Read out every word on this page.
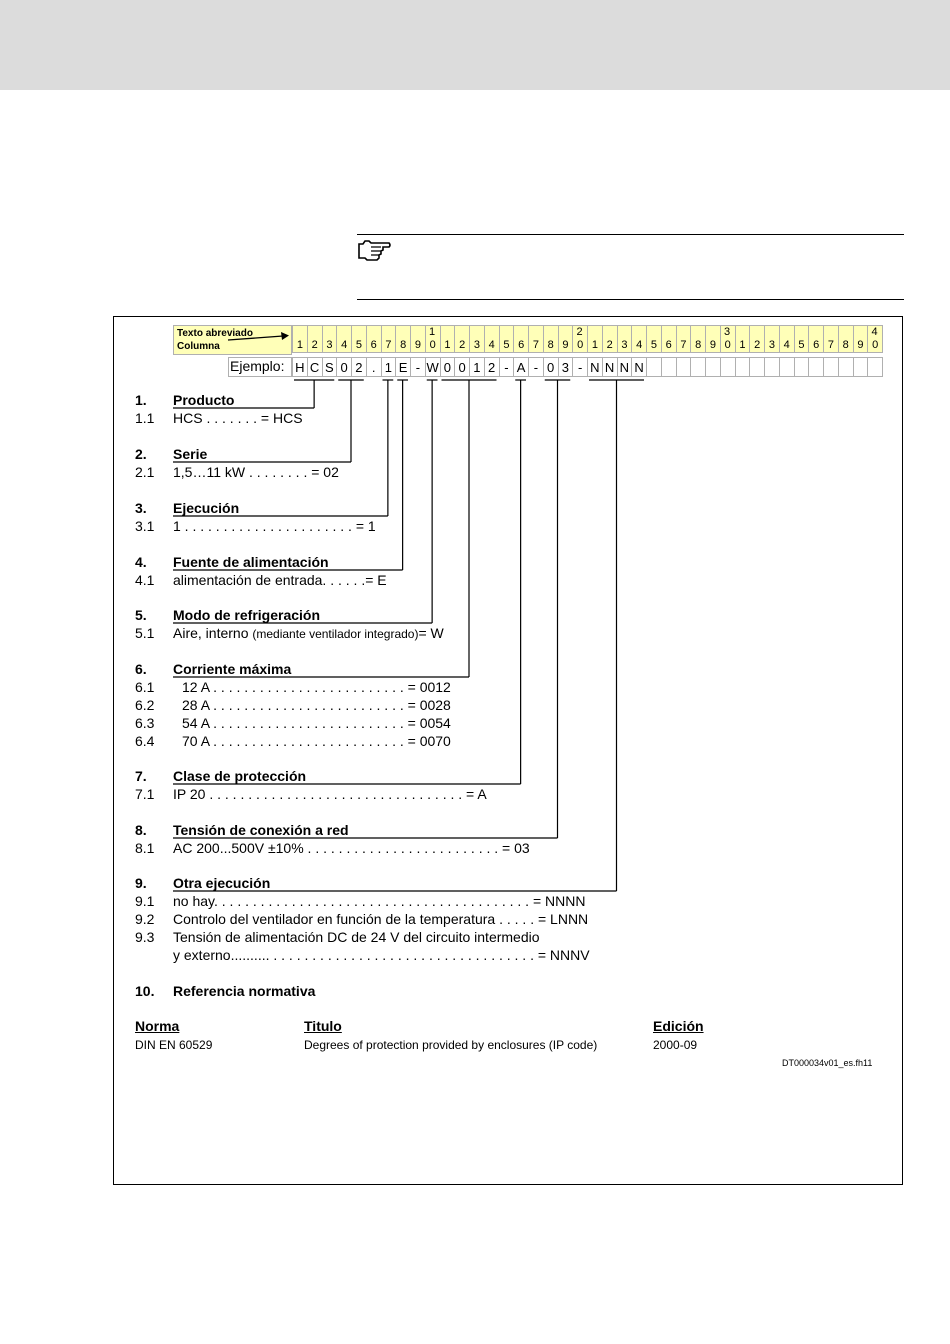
Texto abreviado
Columna
Ejemplo:
1 2 3 4 5 6 7 8 9 0 1 2 3 4 5 6 7 8 9 0 1 2 3 4 5 6 7 8 9 0 1 2 3 4 5 6 7 8 9 0
1	2	3	4
H C S 0 2 . 1 E - W 0 0 1 2 - A - 0 3 - N N N N
1. Producto
1.1 HCS . . . . . . . = HCS
2. Serie
2.1 1,5…11 kW . . . . . . . . = 02
3. Ejecución
3.1 1 . . . . . . . . . . . . . . . . . . . . . . = 1
4. Fuente de alimentación
4.1 alimentación de entrada. . . . . .= E
5. Modo de refrigeración
5.1 Aire, interno (mediante ventilador integrado)= W
6. Corriente máxima
6.1 12 A . . . . . . . . . . . . . . . . . . . . . . . . . = 0012
6.2 28 A . . . . . . . . . . . . . . . . . . . . . . . . . = 0028
6.3 54 A . . . . . . . . . . . . . . . . . . . . . . . . . = 0054
6.4 70 A . . . . . . . . . . . . . . . . . . . . . . . . . = 0070
7. Clase de protección
7.1 IP 20 . . . . . . . . . . . . . . . . . . . . . . . . . . . . . . . . . = A
8. Tensión de conexión a red
8.1 AC 200...500V ±10% . . . . . . . . . . . . . . . . . . . . . . . . . = 03
9. Otra ejecución
9.1 no hay. . . . . . . . . . . . . . . . . . . . . . . . . . . . . . . . . . . . . . . . . = NNNN
9.2 Controlo del ventilador en función de la temperatura . . . . . = LNNN
9.3 Tensión de alimentación DC de 24 V del circuito intermedio
y externo.......... . . . . . . . . . . . . . . . . . . . . . . . . . . . . . . . . . . = NNNV
10. Referencia normativa
Norma	Titulo	Edición
DIN EN 60529	Degrees of protection provided by enclosures (IP code)	2000-09
DT000034v01_es.fh11
